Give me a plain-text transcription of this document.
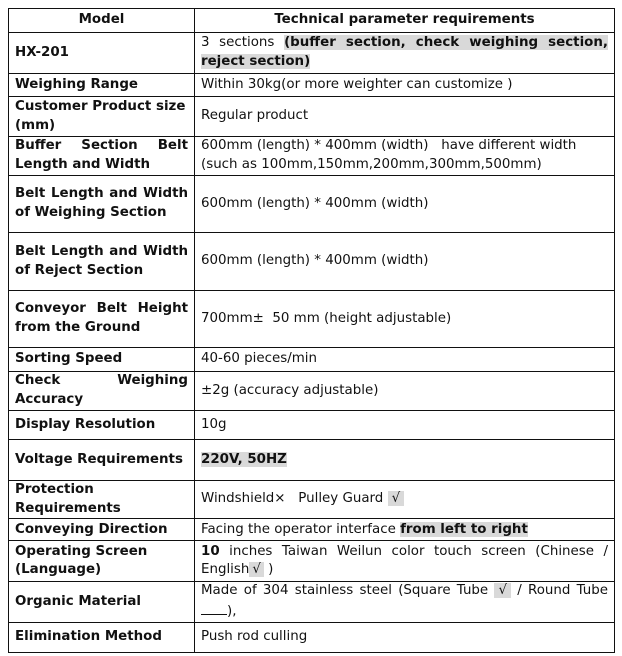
Model	Technical parameter requirements
HX-201	3 sections (buffer section, check weighing section, reject section)
Weighing Range	Within 30kg(or more weighter can customize )
Customer Product size (mm)	Regular product
Buffer Section Belt Length and Width	600mm (length) * 400mm (width)   have different width (such as 100mm,150mm,200mm,300mm,500mm)
Belt Length and Width of Weighing Section	600mm (length) * 400mm (width)
Belt Length and Width of Reject Section	600mm (length) * 400mm (width)
Conveyor Belt Height from the Ground	700mm±  50 mm (height adjustable)
Sorting Speed	40-60 pieces/min
Check Weighing Accuracy	±2g (accuracy adjustable)
Display Resolution	10g
Voltage Requirements	220V, 50HZ
Protection Requirements	Windshield×   Pulley Guard √
Conveying Direction	Facing the operator interface from left to right
Operating Screen (Language)	10 inches Taiwan Weilun color touch screen (Chinese / English √ )
Organic Material	Made of 304 stainless steel (Square Tube √ / Round Tube),
Elimination Method	Push rod culling
